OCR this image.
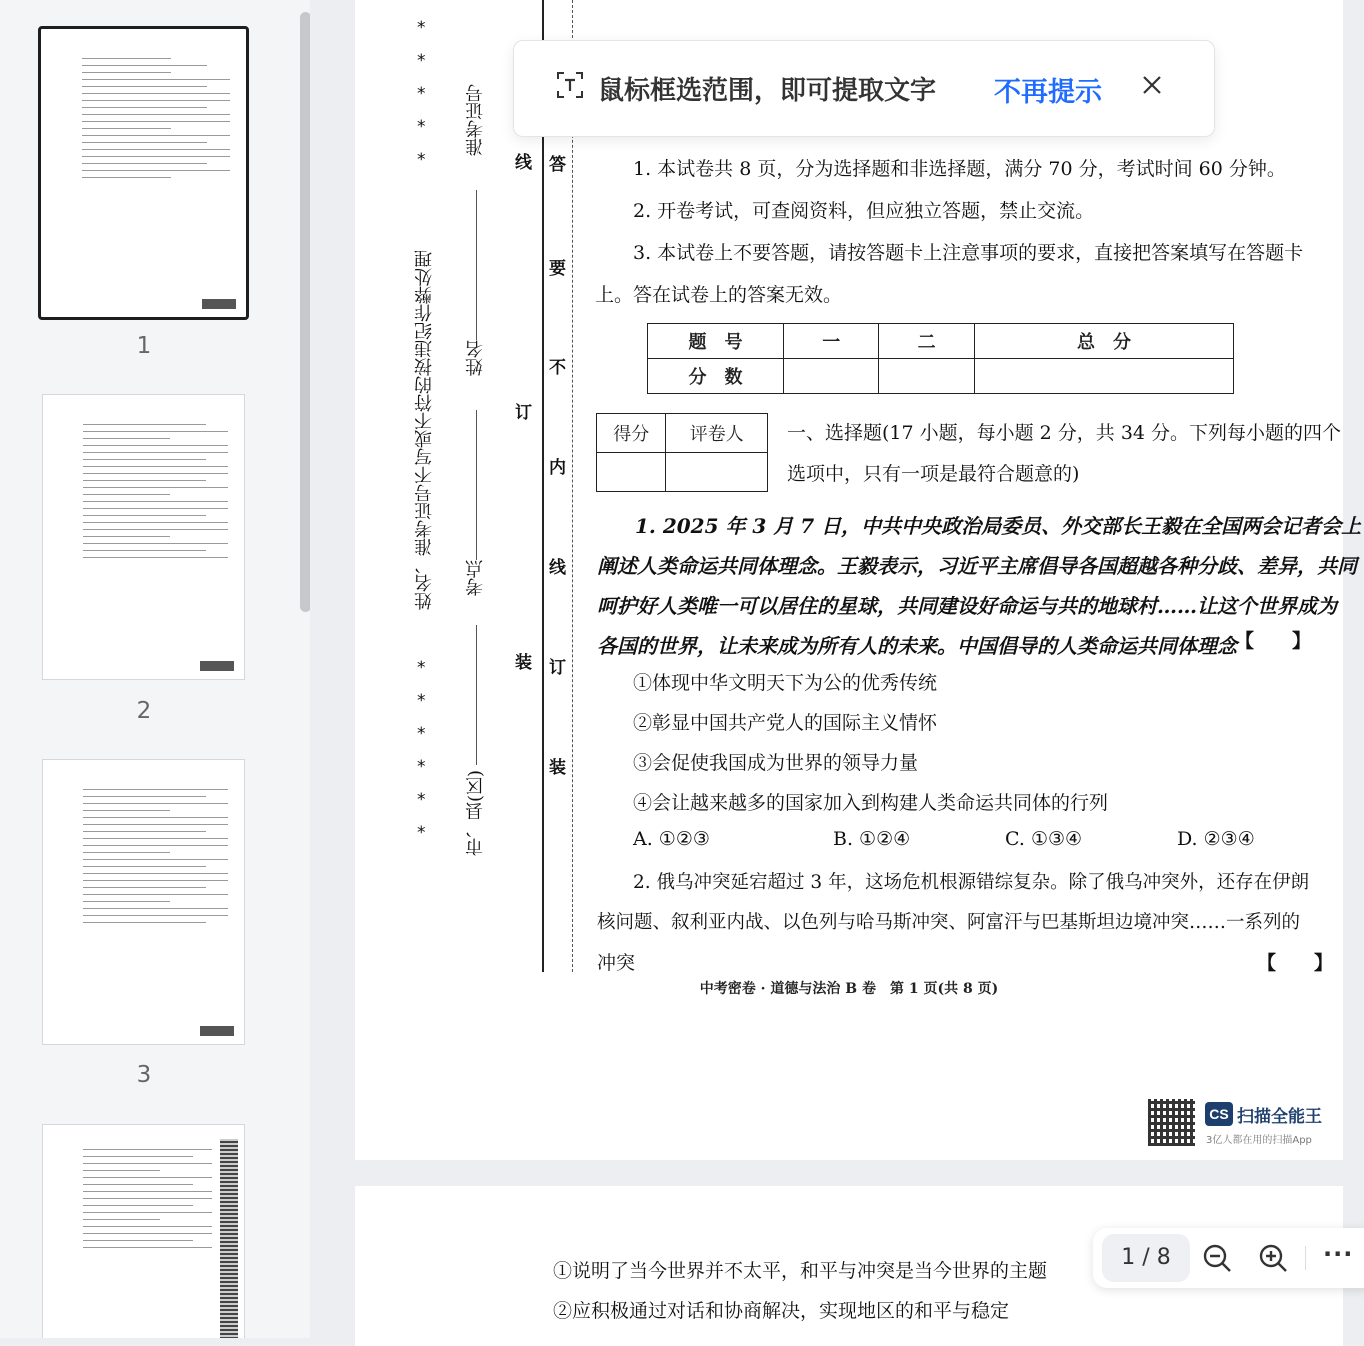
1
2
3
*
*
*
*
*
*
*
*
*
*
*
姓名、准考证号不写或不符的按违纪作弊处理
准考证号
姓名
考点
市、县(区)
线
订
装
答
要
不
内
线
订
装
1. 本试卷共 8 页，分为选择题和非选择题，满分 70 分，考试时间 60 分钟。
2. 开卷考试，可查阅资料，但应独立答题，禁止交流。
3. 本试卷上不要答题，请按答题卡上注意事项的要求，直接把答案填写在答题卡
上。答在试卷上的答案无效。
题　号	一	二	总　分
分　数			
得分	评卷人
	一、选择题(17 小题，每小题 2 分，共 34 分。下列每小题的四个
选项中，只有一项是最符合题意的)
1. 2025 年 3 月 7 日，中共中央政治局委员、外交部长王毅在全国两会记者会上
阐述人类命运共同体理念。王毅表示，习近平主席倡导各国超越各种分歧、差异，共同
呵护好人类唯一可以居住的星球，共同建设好命运与共的地球村……让这个世界成为
各国的世界，让未来成为所有人的未来。中国倡导的人类命运共同体理念
【　　】
①体现中华文明天下为公的优秀传统
②彰显中国共产党人的国际主义情怀
③会促使我国成为世界的领导力量
④会让越来越多的国家加入到构建人类命运共同体的行列
A. ①②③	B. ①②④	C. ①③④	D. ②③④
2. 俄乌冲突延宕超过 3 年，这场危机根源错综复杂。除了俄乌冲突外，还存在伊朗
核问题、叙利亚内战、以色列与哈马斯冲突、阿富汗与巴基斯坦边境冲突……一系列的
冲突	【　　】
中考密卷 · 道德与法治 B 卷　第 1 页(共 8 页)
CS 扫描全能王
3亿人都在用的扫描App
①说明了当今世界并不太平，和平与冲突是当今世界的主题
②应积极通过对话和协商解决，实现地区的和平与稳定
鼠标框选范围，即可提取文字 不再提示
1 / 8	···
